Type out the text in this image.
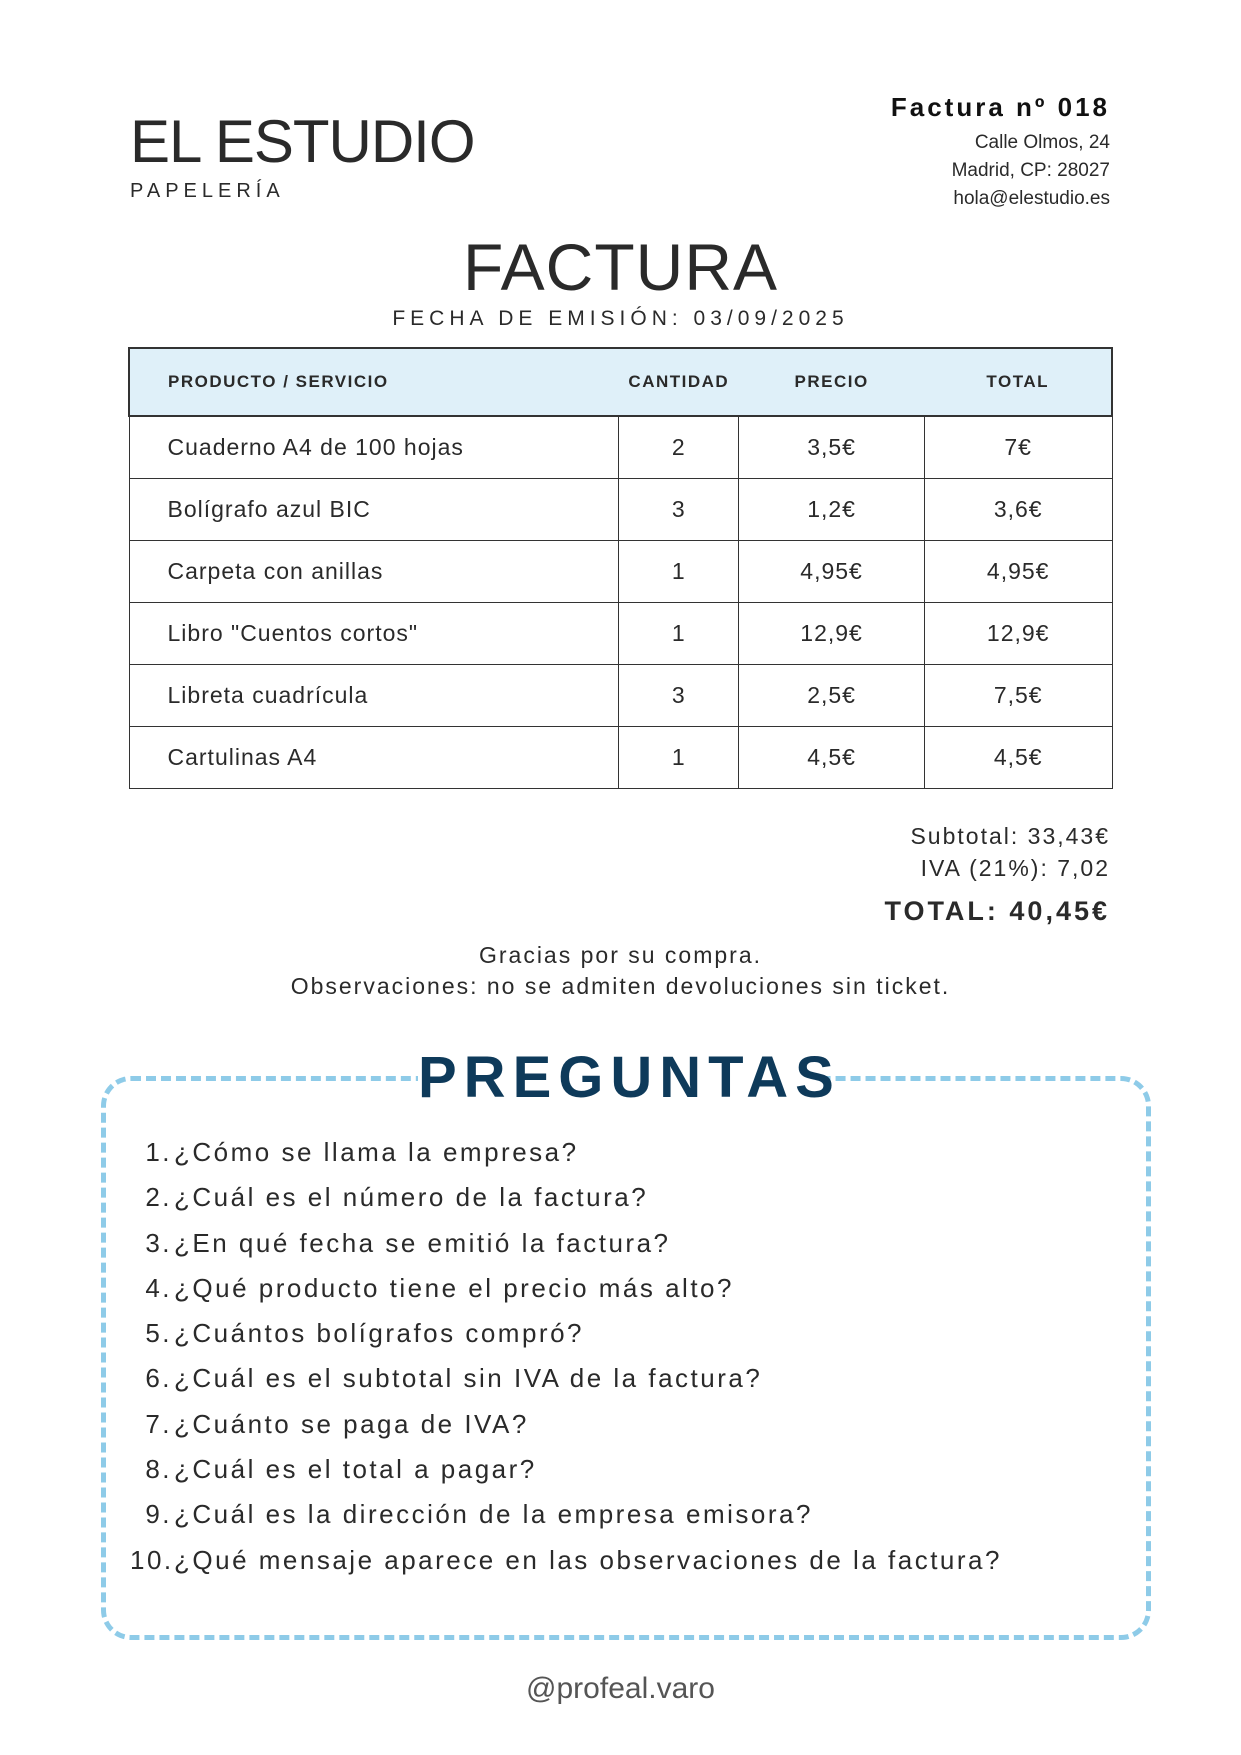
EL ESTUDIO
PAPELERÍA
Factura nº 018
Calle Olmos, 24
Madrid, CP: 28027
hola@elestudio.es
FACTURA
FECHA DE EMISIÓN: 03/09/2025
PRODUCTO / SERVICIO	CANTIDAD	PRECIO	TOTAL
Cuaderno A4 de 100 hojas	2	3,5€	7€
Bolígrafo azul BIC	3	1,2€	3,6€
Carpeta con anillas	1	4,95€	4,95€
Libro "Cuentos cortos"	1	12,9€	12,9€
Libreta cuadrícula	3	2,5€	7,5€
Cartulinas A4	1	4,5€	4,5€
Subtotal: 33,43€
IVA (21%): 7,02
TOTAL: 40,45€
Gracias por su compra.
Observaciones: no se admiten devoluciones sin ticket.
PREGUNTAS
1. ¿Cómo se llama la empresa?
2. ¿Cuál es el número de la factura?
3. ¿En qué fecha se emitió la factura?
4. ¿Qué producto tiene el precio más alto?
5. ¿Cuántos bolígrafos compró?
6. ¿Cuál es el subtotal sin IVA de la factura?
7. ¿Cuánto se paga de IVA?
8. ¿Cuál es el total a pagar?
9. ¿Cuál es la dirección de la empresa emisora?
10. ¿Qué mensaje aparece en las observaciones de la factura?
@profeal.varo
